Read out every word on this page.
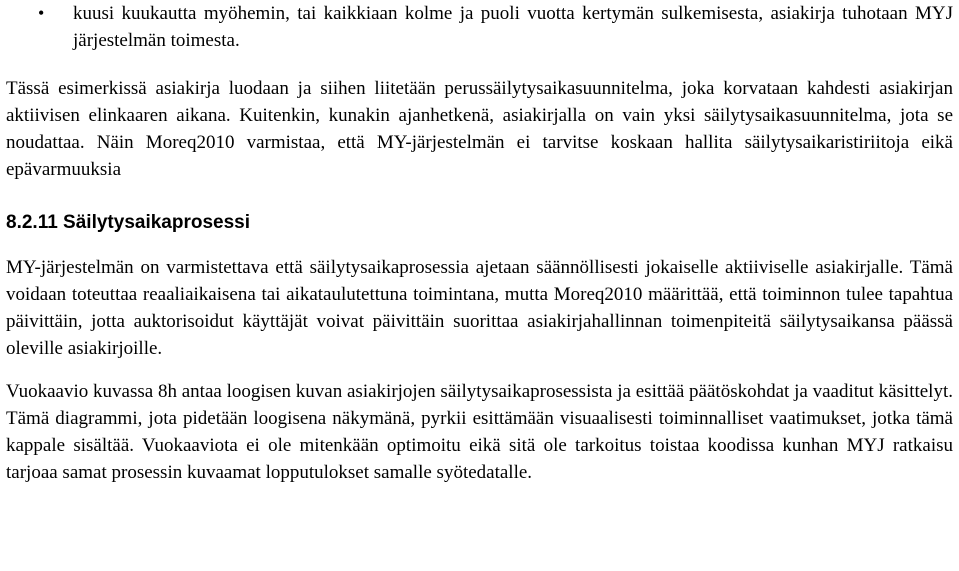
• kuusi kuukautta myöhemin, tai kaikkiaan kolme ja puoli vuotta kertymän sulkemisesta, asiakirja tuhotaan MYJ järjestelmän toimesta.

Tässä esimerkissä asiakirja luodaan ja siihen liitetään perussäilytysaikasuunnitelma, joka korvataan kahdesti asiakirjan aktiivisen elinkaaren aikana. Kuitenkin, kunakin ajanhetkenä, asiakirjalla on vain yksi säilytysaikasuunnitelma, jota se noudattaa. Näin Moreq2010 varmistaa, että MY-järjestelmän ei tarvitse koskaan hallita säilytysaikaristiriitoja eikä epävarmuuksia

8.2.11 Säilytysaikaprosessi

MY-järjestelmän on varmistettava että säilytysaikaprosessia ajetaan säännöllisesti jokaiselle aktiiviselle asiakirjalle. Tämä voidaan toteuttaa reaaliaikaisena tai aikataulutettuna toimintana, mutta Moreq2010 määrittää, että toiminnon tulee tapahtua päivittäin, jotta auktorisoidut käyttäjät voivat päivittäin suorittaa asiakirjahallinnan toimenpiteitä säilytysaikansa päässä oleville asiakirjoille.

Vuokaavio kuvassa 8h antaa loogisen kuvan asiakirjojen säilytysaikaprosessista ja esittää päätöskohdat ja vaaditut käsittelyt. Tämä diagrammi, jota pidetään loogisena näkymänä, pyrkii esittämään visuaalisesti toiminnalliset vaatimukset, jotka tämä kappale sisältää. Vuokaaviota ei ole mitenkään optimoitu eikä sitä ole tarkoitus toistaa koodissa kunhan MYJ ratkaisu tarjoaa samat prosessin kuvaamat lopputulokset samalle syötedatalle.
